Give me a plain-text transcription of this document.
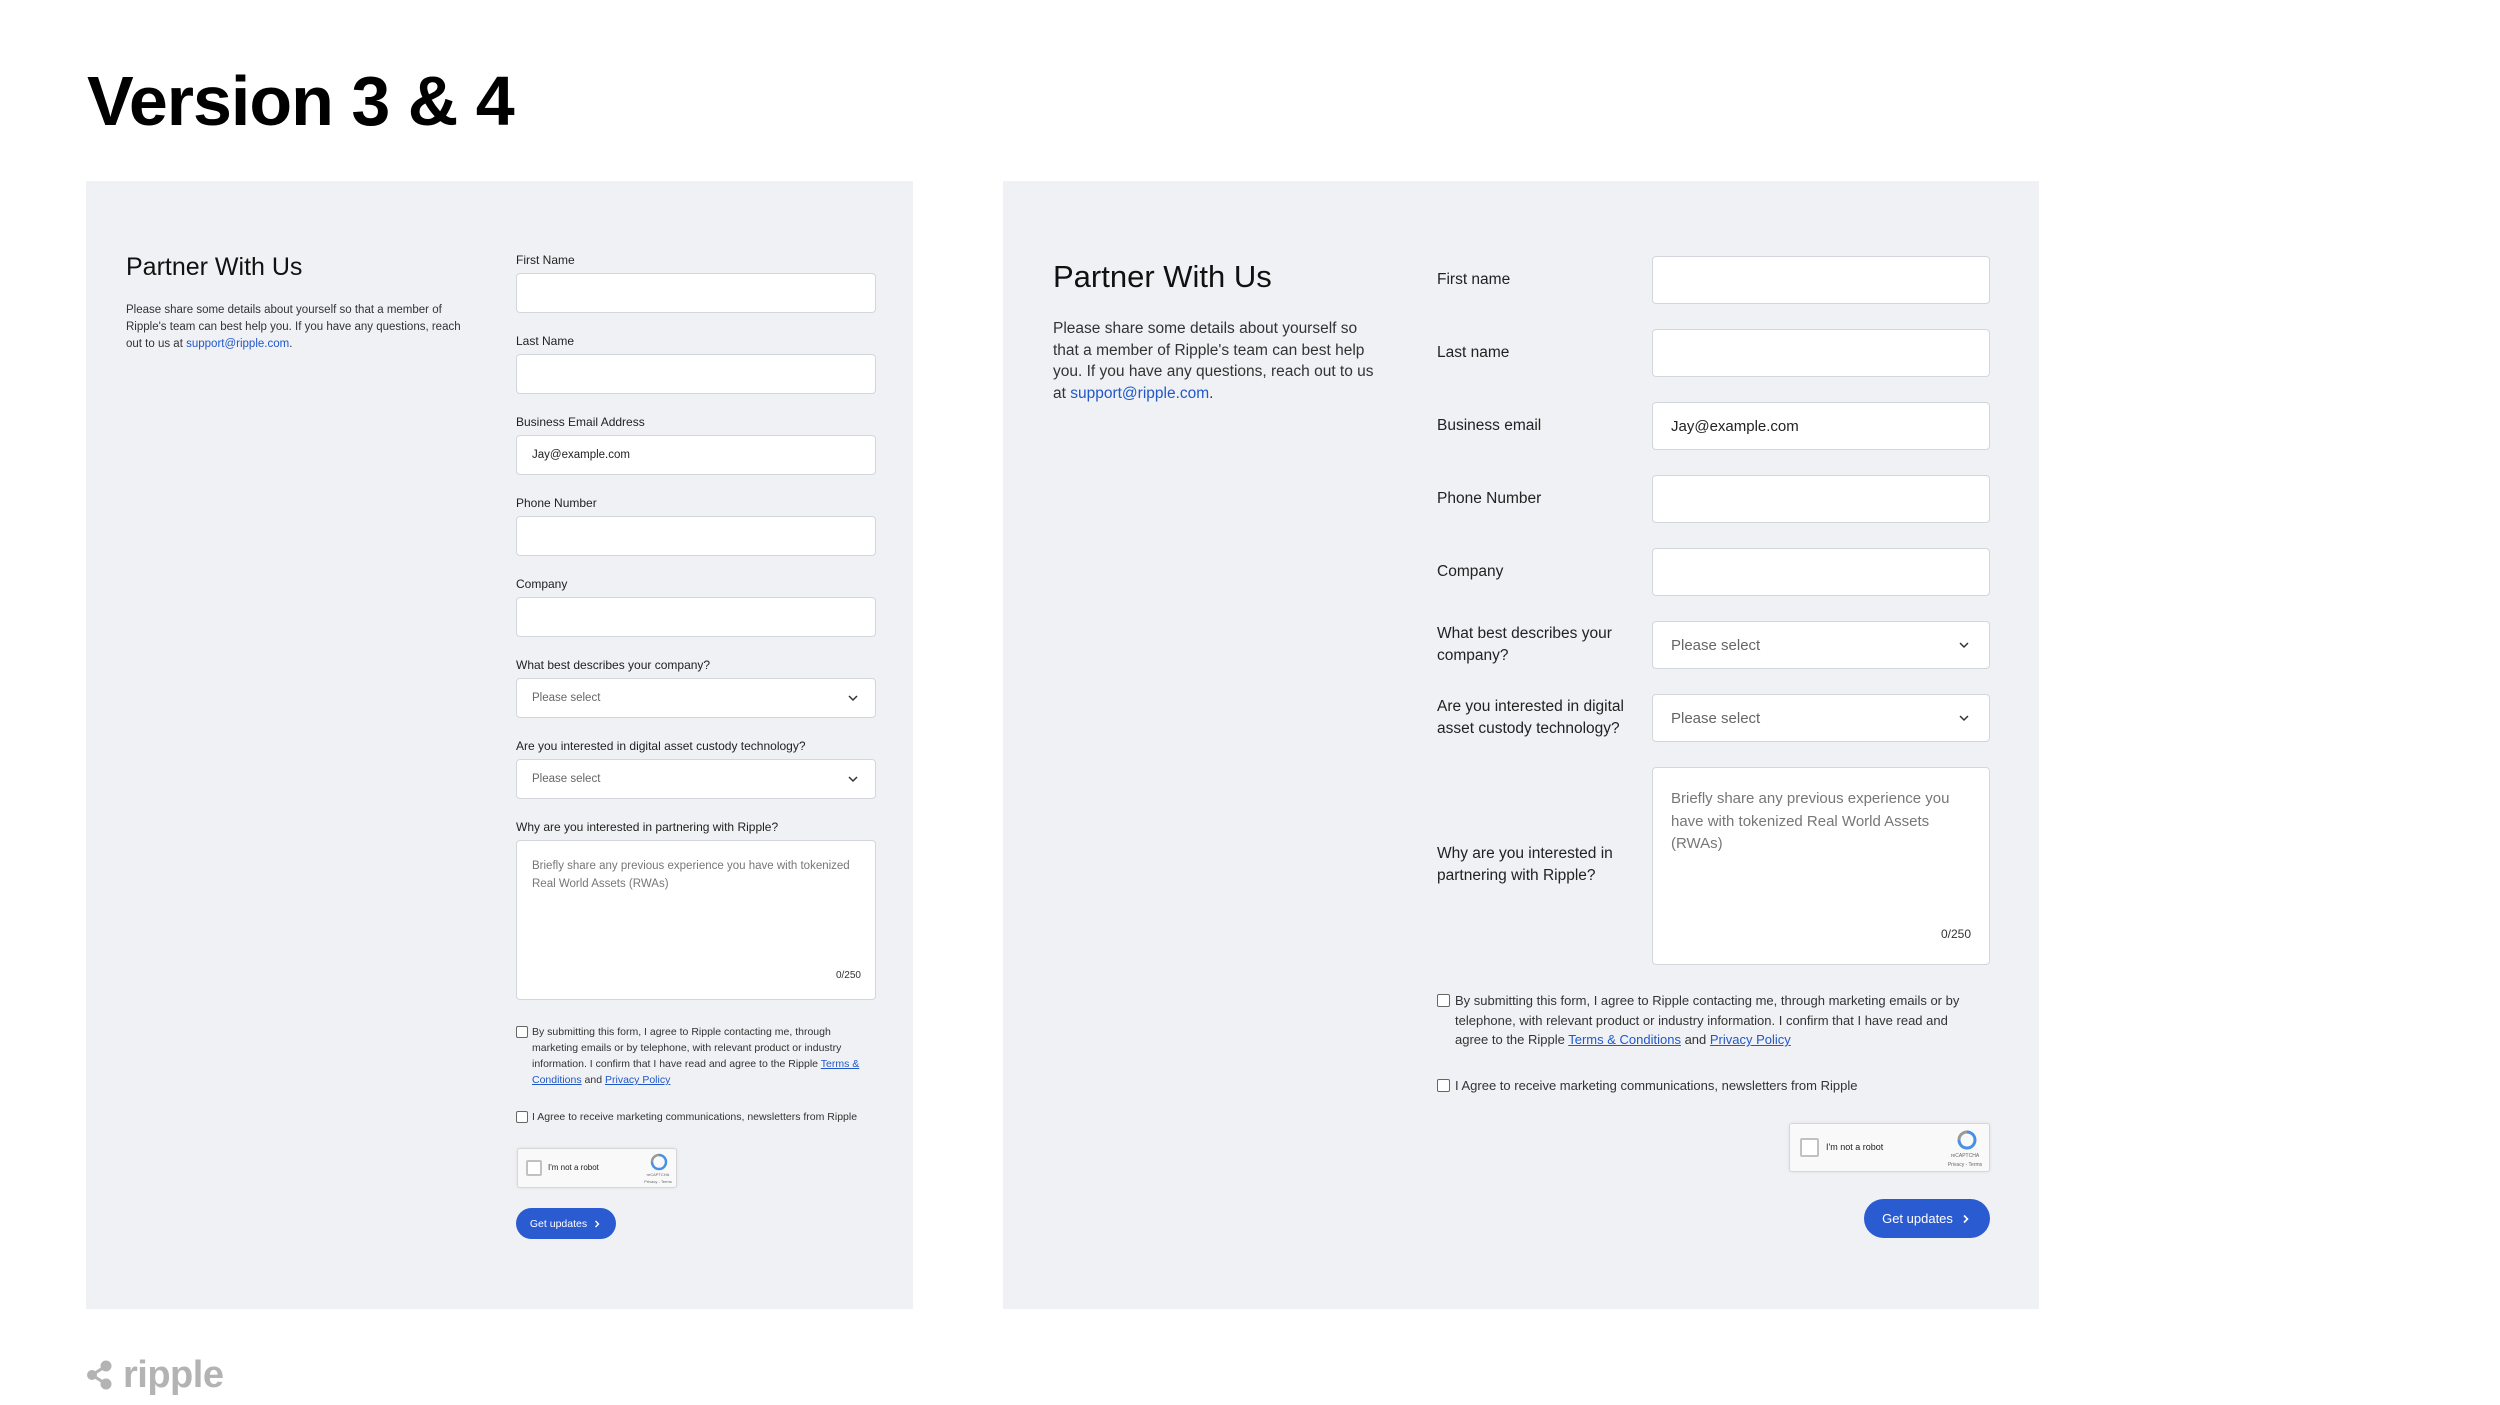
Version 3 & 4
Partner With Us
Please share some details about yourself so that a member of Ripple's team can best help you. If you have any questions, reach out to us at support@ripple.com.
First Name
Last Name
Business Email Address
Jay@example.com
Phone Number
Company
What best describes your company?
Please select
Are you interested in digital asset custody technology?
Please select
Why are you interested in partnering with Ripple?
Briefly share any previous experience you have with tokenized Real World Assets (RWAs)
0/250
By submitting this form, I agree to Ripple contacting me, through marketing emails or by telephone, with relevant product or industry information. I confirm that I have read and agree to the Ripple Terms & Conditions and Privacy Policy
I Agree to receive marketing communications, newsletters from Ripple
I'm not a robot
reCAPTCHA
Privacy - Terms
Get updates
Partner With Us
Please share some details about yourself so that a member of Ripple's team can best help you. If you have any questions, reach out to us at support@ripple.com.
First name
Last name
Business email	Jay@example.com
Phone Number
Company
What best describes your company?
Please select
Are you interested in digital asset custody technology?
Please select
Why are you interested in partnering with Ripple?
Briefly share any previous experience you have with tokenized Real World Assets (RWAs)
0/250
By submitting this form, I agree to Ripple contacting me, through marketing emails or by telephone, with relevant product or industry information. I confirm that I have read and agree to the Ripple Terms & Conditions and Privacy Policy
I Agree to receive marketing communications, newsletters from Ripple
I'm not a robot
reCAPTCHA
Privacy - Terms
Get updates
ripple
